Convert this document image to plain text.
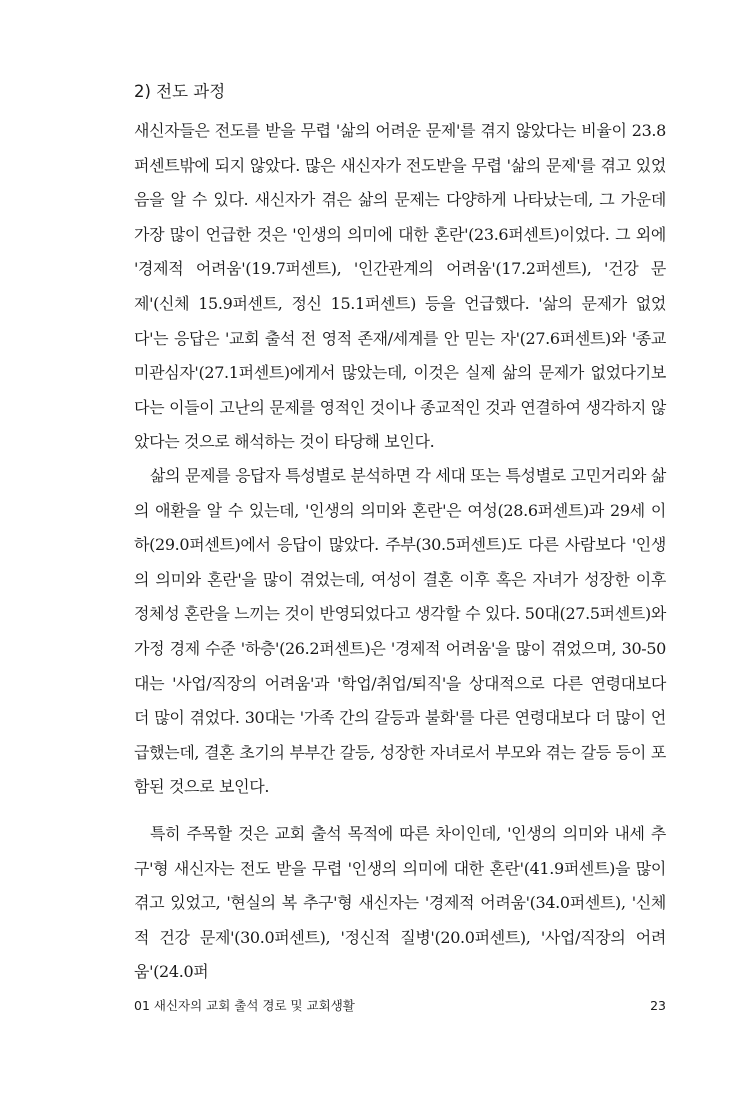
2) 전도 과정

새신자들은 전도를 받을 무렵 '삶의 어려운 문제'를 겪지 않았다는 비율이 23.8퍼센트밖에 되지 않았다. 많은 새신자가 전도받을 무렵 '삶의 문제'를 겪고 있었음을 알 수 있다. 새신자가 겪은 삶의 문제는 다양하게 나타났는데, 그 가운데 가장 많이 언급한 것은 '인생의 의미에 대한 혼란'(23.6퍼센트)이었다. 그 외에 '경제적 어려움'(19.7퍼센트), '인간관계의 어려움'(17.2퍼센트), '건강 문제'(신체 15.9퍼센트, 정신 15.1퍼센트) 등을 언급했다. '삶의 문제가 없었다'는 응답은 '교회 출석 전 영적 존재/세계를 안 믿는 자'(27.6퍼센트)와 '종교 미관심자'(27.1퍼센트)에게서 많았는데, 이것은 실제 삶의 문제가 없었다기보다는 이들이 고난의 문제를 영적인 것이나 종교적인 것과 연결하여 생각하지 않았다는 것으로 해석하는 것이 타당해 보인다.

삶의 문제를 응답자 특성별로 분석하면 각 세대 또는 특성별로 고민거리와 삶의 애환을 알 수 있는데, '인생의 의미와 혼란'은 여성(28.6퍼센트)과 29세 이하(29.0퍼센트)에서 응답이 많았다. 주부(30.5퍼센트)도 다른 사람보다 '인생의 의미와 혼란'을 많이 겪었는데, 여성이 결혼 이후 혹은 자녀가 성장한 이후 정체성 혼란을 느끼는 것이 반영되었다고 생각할 수 있다. 50대(27.5퍼센트)와 가정 경제 수준 '하층'(26.2퍼센트)은 '경제적 어려움'을 많이 겪었으며, 30-50대는 '사업/직장의 어려움'과 '학업/취업/퇴직'을 상대적으로 다른 연령대보다 더 많이 겪었다. 30대는 '가족 간의 갈등과 불화'를 다른 연령대보다 더 많이 언급했는데, 결혼 초기의 부부간 갈등, 성장한 자녀로서 부모와 겪는 갈등 등이 포함된 것으로 보인다.

특히 주목할 것은 교회 출석 목적에 따른 차이인데, '인생의 의미와 내세 추구'형 새신자는 전도 받을 무렵 '인생의 의미에 대한 혼란'(41.9퍼센트)을 많이 겪고 있었고, '현실의 복 추구'형 새신자는 '경제적 어려움'(34.0퍼센트), '신체적 건강 문제'(30.0퍼센트), '정신적 질병'(20.0퍼센트), '사업/직장의 어려움'(24.0퍼

01 새신자의 교회 출석 경로 및 교회생활	23
